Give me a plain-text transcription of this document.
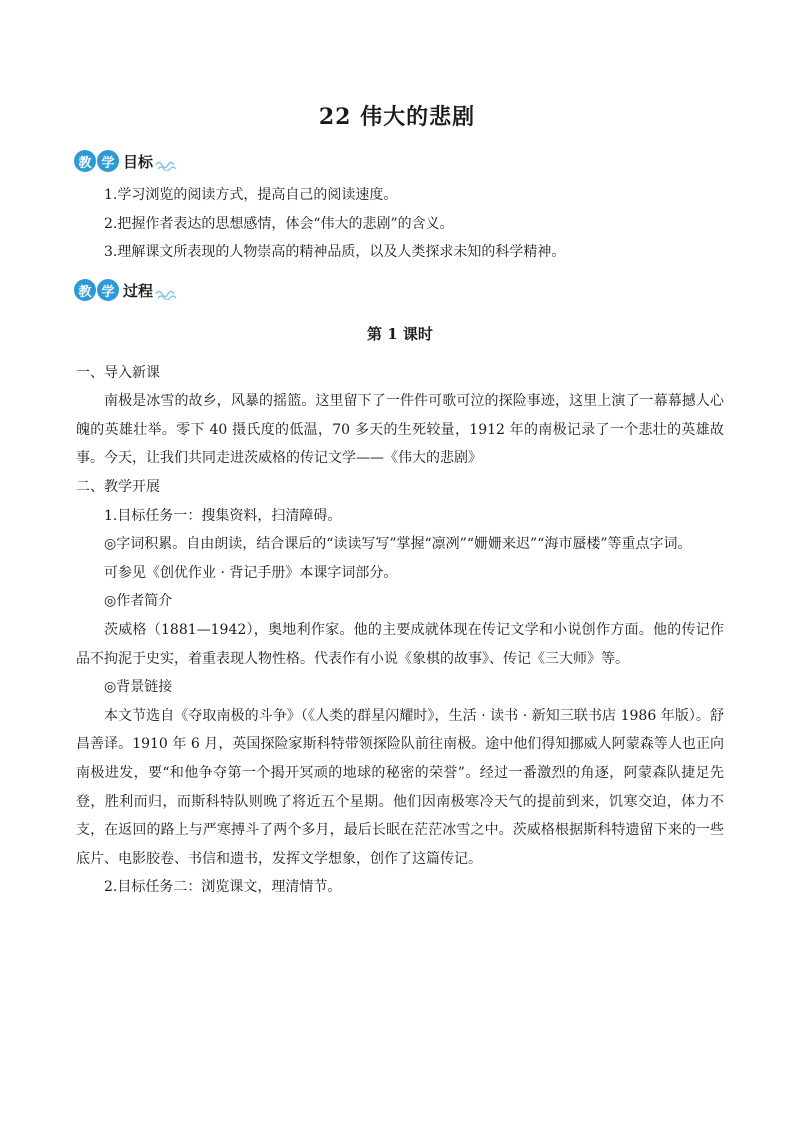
22 伟大的悲剧
教 学 目标

1.学习浏览的阅读方式，提高自己的阅读速度。

2.把握作者表达的思想感情，体会“伟大的悲剧”的含义。

3.理解课文所表现的人物崇高的精神品质，以及人类探求未知的科学精神。

教 学 过程

第 1 课时

一、导入新课

南极是冰雪的故乡，风暴的摇篮。这里留下了一件件可歌可泣的探险事迹，这里上演了一幕幕撼人心魄的英雄壮举。零下 40 摄氏度的低温，70 多天的生死较量，1912 年的南极记录了一个悲壮的英雄故事。今天，让我们共同走进茨威格的传记文学——《伟大的悲剧》

二、教学开展

1.目标任务一：搜集资料，扫清障碍。

◎字词积累。自由朗读，结合课后的“读读写写”掌握“凛冽”“姗姗来迟”“海市蜃楼”等重点字词。

可参见《创优作业 · 背记手册》本课字词部分。

◎作者简介

茨威格（1881—1942），奥地利作家。他的主要成就体现在传记文学和小说创作方面。他的传记作品不拘泥于史实，着重表现人物性格。代表作有小说《象棋的故事》、传记《三大师》等。

◎背景链接

本文节选自《夺取南极的斗争》（《人类的群星闪耀时》，生活 · 读书 · 新知三联书店 1986 年版）。舒昌善译。1910 年 6 月，英国探险家斯科特带领探险队前往南极。途中他们得知挪威人阿蒙森等人也正向南极进发，要“和他争夺第一个揭开冥顽的地球的秘密的荣誉”。经过一番激烈的角逐，阿蒙森队捷足先登，胜利而归，而斯科特队则晚了将近五个星期。他们因南极寒冷天气的提前到来，饥寒交迫，体力不支，在返回的路上与严寒搏斗了两个多月，最后长眠在茫茫冰雪之中。茨威格根据斯科特遗留下来的一些底片、电影胶卷、书信和遗书，发挥文学想象，创作了这篇传记。

2.目标任务二：浏览课文，理清情节。
